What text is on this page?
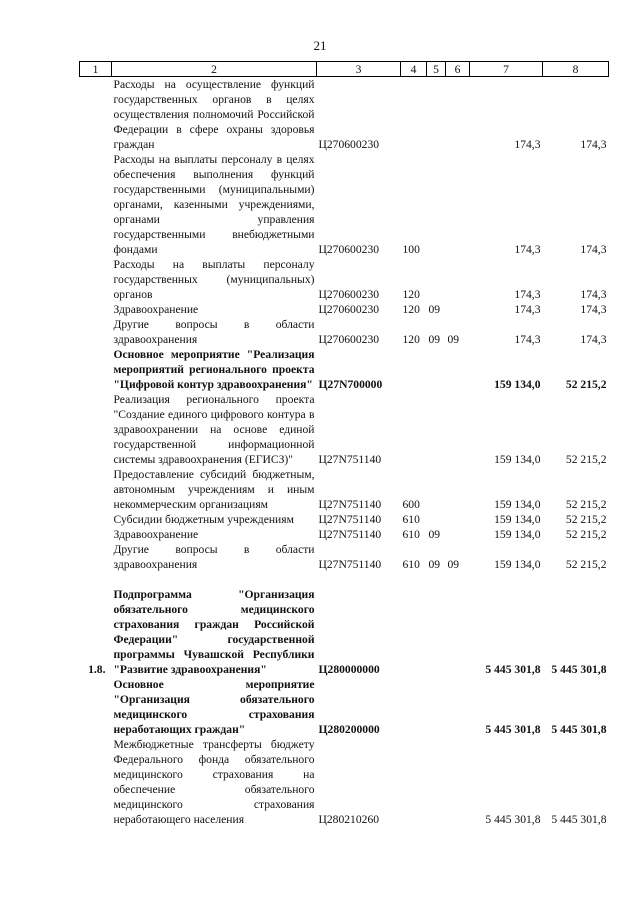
21
1	2	3	4	5	6	7	8
	Расходы на осуществление функций государственных органов в целях осуществления полномочий Российской Федерации в сфере охраны здоровья граждан	Ц270600230				174,3	174,3
	Расходы на выплаты персоналу в целях обеспечения выполнения функций государственными (муниципальными) органами, казенными учреждениями, органами управления государственными внебюджетными фондами	Ц270600230	100			174,3	174,3
	Расходы на выплаты персоналу государственных (муниципальных) органов	Ц270600230	120			174,3	174,3
	Здравоохранение	Ц270600230	120	09		174,3	174,3
	Другие вопросы в области здравоохранения	Ц270600230	120	09	09	174,3	174,3
	Основное мероприятие "Реализация мероприятий регионального проекта "Цифровой контур здравоохранения"	Ц27N700000				159 134,0	52 215,2
	Реализация регионального проекта "Создание единого цифрового контура в здравоохранении на основе единой государственной информационной системы здравоохранения (ЕГИСЗ)"	Ц27N751140				159 134,0	52 215,2
	Предоставление субсидий бюджетным, автономным учреждениям и иным некоммерческим организациям	Ц27N751140	600			159 134,0	52 215,2
	Субсидии бюджетным учреждениям	Ц27N751140	610			159 134,0	52 215,2
	Здравоохранение	Ц27N751140	610	09		159 134,0	52 215,2
	Другие вопросы в области здравоохранения	Ц27N751140	610	09	09	159 134,0	52 215,2

1.8.	Подпрограмма "Организация обязательного медицинского страхования граждан Российской Федерации" государственной программы Чувашской Республики "Развитие здравоохранения"	Ц280000000				5 445 301,8	5 445 301,8
	Основное мероприятие "Организация обязательного медицинского страхования неработающих граждан"	Ц280200000				5 445 301,8	5 445 301,8
	Межбюджетные трансферты бюджету Федерального фонда обязательного медицинского страхования на обеспечение обязательного медицинского страхования неработающего населения	Ц280210260				5 445 301,8	5 445 301,8
